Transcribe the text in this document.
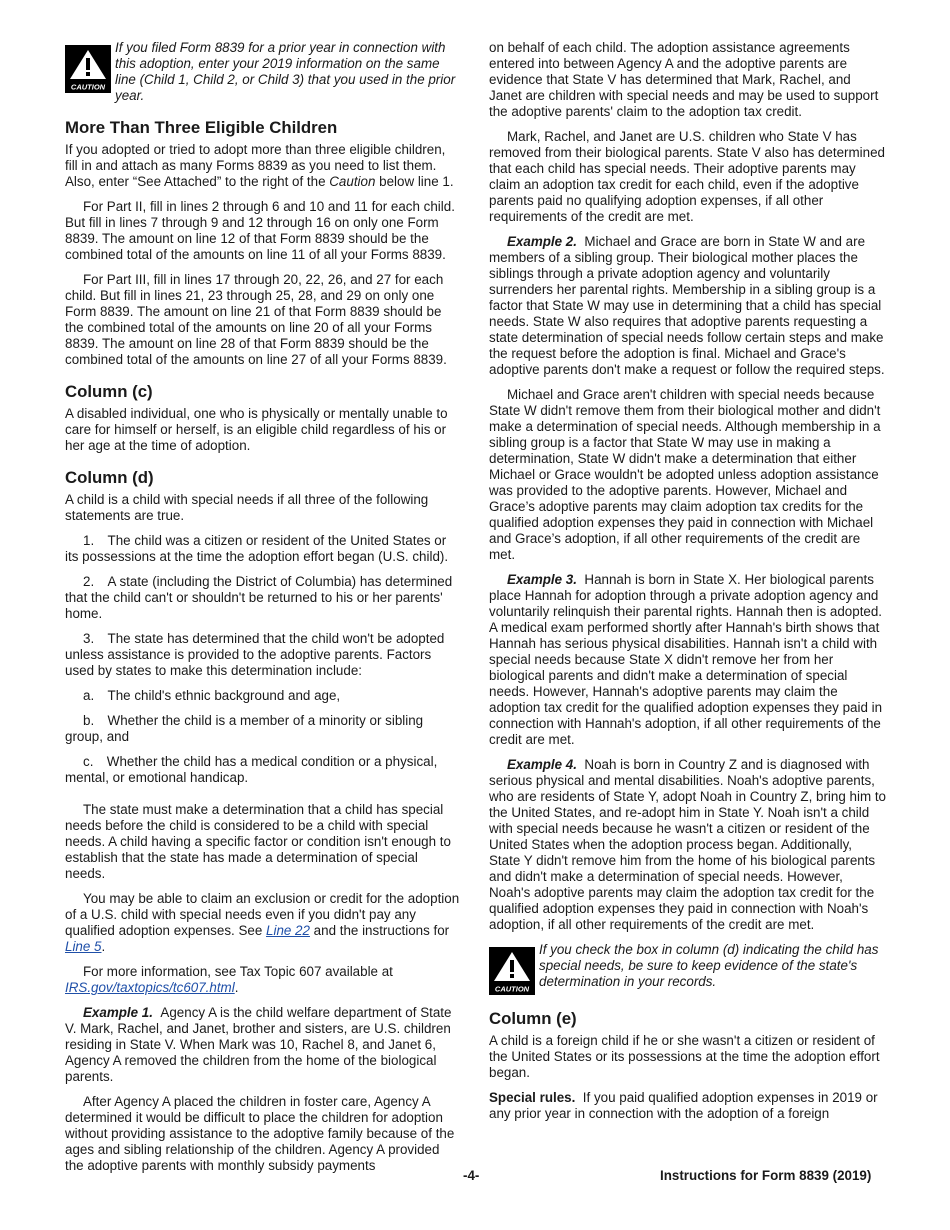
CAUTION
If you filed Form 8839 for a prior year in connection with this adoption, enter your 2019 information on the same line (Child 1, Child 2, or Child 3) that you used in the prior year.
More Than Three Eligible Children

If you adopted or tried to adopt more than three eligible children, fill in and attach as many Forms 8839 as you need to list them. Also, enter “See Attached” to the right of the Caution below line 1.

For Part II, fill in lines 2 through 6 and 10 and 11 for each child. But fill in lines 7 through 9 and 12 through 16 on only one Form 8839. The amount on line 12 of that Form 8839 should be the combined total of the amounts on line 11 of all your Forms 8839.

For Part III, fill in lines 17 through 20, 22, 26, and 27 for each child. But fill in lines 21, 23 through 25, 28, and 29 on only one Form 8839. The amount on line 21 of that Form 8839 should be the combined total of the amounts on line 20 of all your Forms 8839. The amount on line 28 of that Form 8839 should be the combined total of the amounts on line 27 of all your Forms 8839.

Column (c)

A disabled individual, one who is physically or mentally unable to care for himself or herself, is an eligible child regardless of his or her age at the time of adoption.

Column (d)

A child is a child with special needs if all three of the following statements are true.

1. The child was a citizen or resident of the United States or its possessions at the time the adoption effort began (U.S. child).

2. A state (including the District of Columbia) has determined that the child can't or shouldn't be returned to his or her parents' home.

3. The state has determined that the child won't be adopted unless assistance is provided to the adoptive parents. Factors used by states to make this determination include:

a. The child's ethnic background and age,

b. Whether the child is a member of a minority or sibling group, and

c. Whether the child has a medical condition or a physical, mental, or emotional handicap.

The state must make a determination that a child has special needs before the child is considered to be a child with special needs. A child having a specific factor or condition isn't enough to establish that the state has made a determination of special needs.

You may be able to claim an exclusion or credit for the adoption of a U.S. child with special needs even if you didn't pay any qualified adoption expenses. See Line 22 and the instructions for Line 5.

For more information, see Tax Topic 607 available at IRS.gov/taxtopics/tc607.html.

Example 1. Agency A is the child welfare department of State V. Mark, Rachel, and Janet, brother and sisters, are U.S. children residing in State V. When Mark was 10, Rachel 8, and Janet 6, Agency A removed the children from the home of the biological parents.

After Agency A placed the children in foster care, Agency A determined it would be difficult to place the children for adoption without providing assistance to the adoptive family because of the ages and sibling relationship of the children. Agency A provided the adoptive parents with monthly subsidy payments

on behalf of each child. The adoption assistance agreements entered into between Agency A and the adoptive parents are evidence that State V has determined that Mark, Rachel, and Janet are children with special needs and may be used to support the adoptive parents' claim to the adoption tax credit.

Mark, Rachel, and Janet are U.S. children who State V has removed from their biological parents. State V also has determined that each child has special needs. Their adoptive parents may claim an adoption tax credit for each child, even if the adoptive parents paid no qualifying adoption expenses, if all other requirements of the credit are met.

Example 2. Michael and Grace are born in State W and are members of a sibling group. Their biological mother places the siblings through a private adoption agency and voluntarily surrenders her parental rights. Membership in a sibling group is a factor that State W may use in determining that a child has special needs. State W also requires that adoptive parents requesting a state determination of special needs follow certain steps and make the request before the adoption is final. Michael and Grace's adoptive parents don't make a request or follow the required steps.

Michael and Grace aren't children with special needs because State W didn't remove them from their biological mother and didn't make a determination of special needs. Although membership in a sibling group is a factor that State W may use in making a determination, State W didn't make a determination that either Michael or Grace wouldn't be adopted unless adoption assistance was provided to the adoptive parents. However, Michael and Grace’s adoptive parents may claim adoption tax credits for the qualified adoption expenses they paid in connection with Michael and Grace’s adoption, if all other requirements of the credit are met.

Example 3. Hannah is born in State X. Her biological parents place Hannah for adoption through a private adoption agency and voluntarily relinquish their parental rights. Hannah then is adopted. A medical exam performed shortly after Hannah's birth shows that Hannah has serious physical disabilities. Hannah isn't a child with special needs because State X didn't remove her from her biological parents and didn't make a determination of special needs. However, Hannah's adoptive parents may claim the adoption tax credit for the qualified adoption expenses they paid in connection with Hannah's adoption, if all other requirements of the credit are met.

Example 4. Noah is born in Country Z and is diagnosed with serious physical and mental disabilities. Noah's adoptive parents, who are residents of State Y, adopt Noah in Country Z, bring him to the United States, and re-adopt him in State Y. Noah isn't a child with special needs because he wasn't a citizen or resident of the United States when the adoption process began. Additionally, State Y didn't remove him from the home of his biological parents and didn't make a determination of special needs. However, Noah's adoptive parents may claim the adoption tax credit for the qualified adoption expenses they paid in connection with Noah's adoption, if all other requirements of the credit are met.

CAUTION
If you check the box in column (d) indicating the child has special needs, be sure to keep evidence of the state's determination in your records.
Column (e)

A child is a foreign child if he or she wasn't a citizen or resident of the United States or its possessions at the time the adoption effort began.

Special rules. If you paid qualified adoption expenses in 2019 or any prior year in connection with the adoption of a foreign

-4-	Instructions for Form 8839 (2019)
